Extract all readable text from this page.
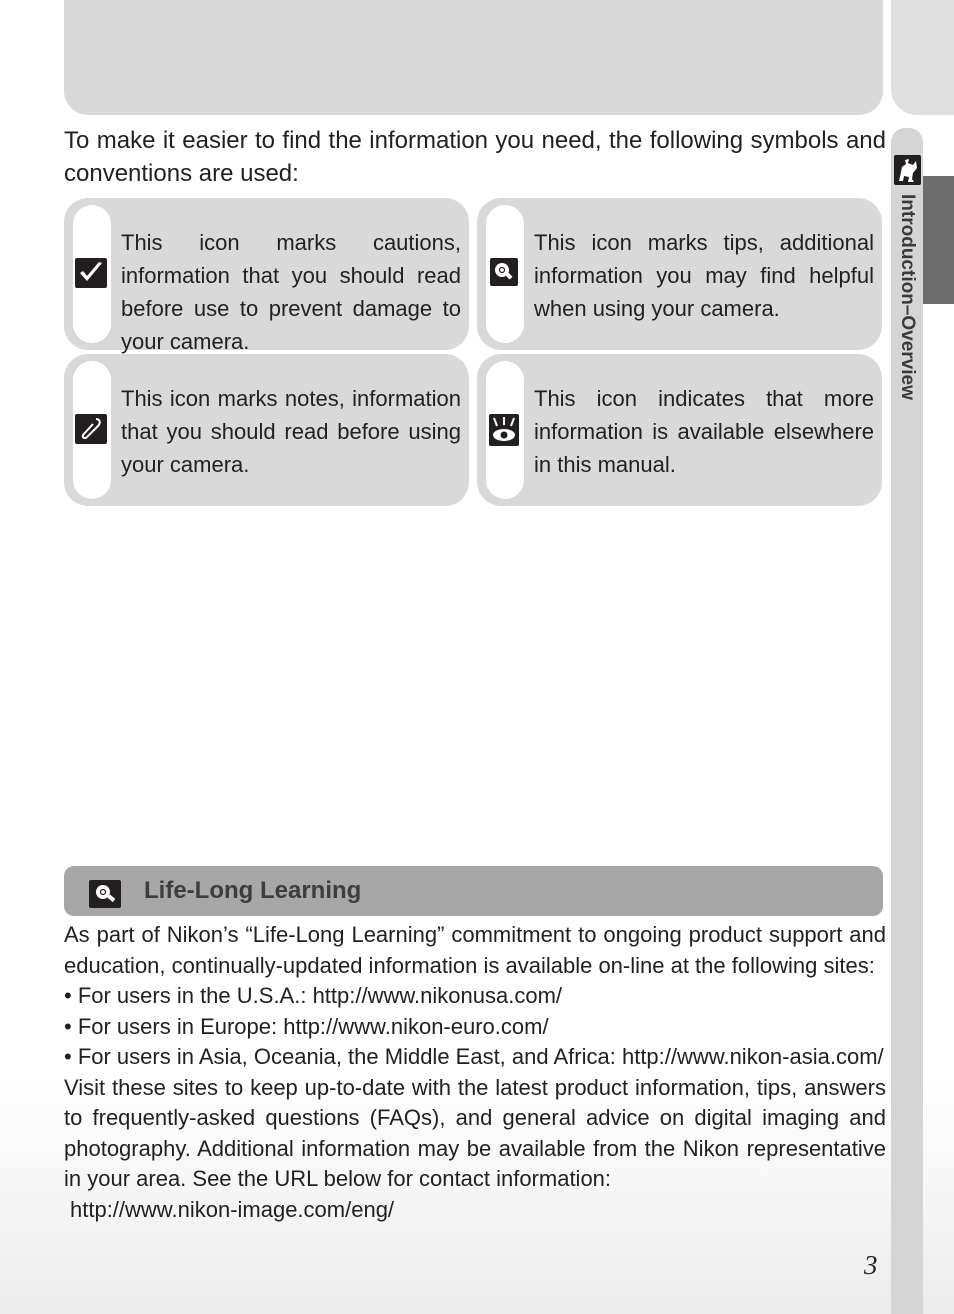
Introduction–Overview
To make it easier to find the information you need, the following symbols and conventions are used:
This icon marks cautions, information that you should read before use to prevent damage to your camera.
This icon marks tips, additional information you may find helpful when using your camera.
This icon marks notes, information that you should read before using your camera.
This icon indicates that more information is available elsewhere in this manual.
Life-Long Learning

As part of Nikon’s “Life-Long Learning” commitment to ongoing product support and education, continually-updated information is available on-line at the following sites:

• For users in the U.S.A.: http://www.nikonusa.com/

• For users in Europe: http://www.nikon-euro.com/

• For users in Asia, Oceania, the Middle East, and Africa: http://www.nikon-asia.com/

Visit these sites to keep up-to-date with the latest product information, tips, answers to frequently-asked questions (FAQs), and general advice on digital imaging and photography. Additional information may be available from the Nikon representative in your area. See the URL below for contact information:

http://www.nikon-image.com/eng/

3
